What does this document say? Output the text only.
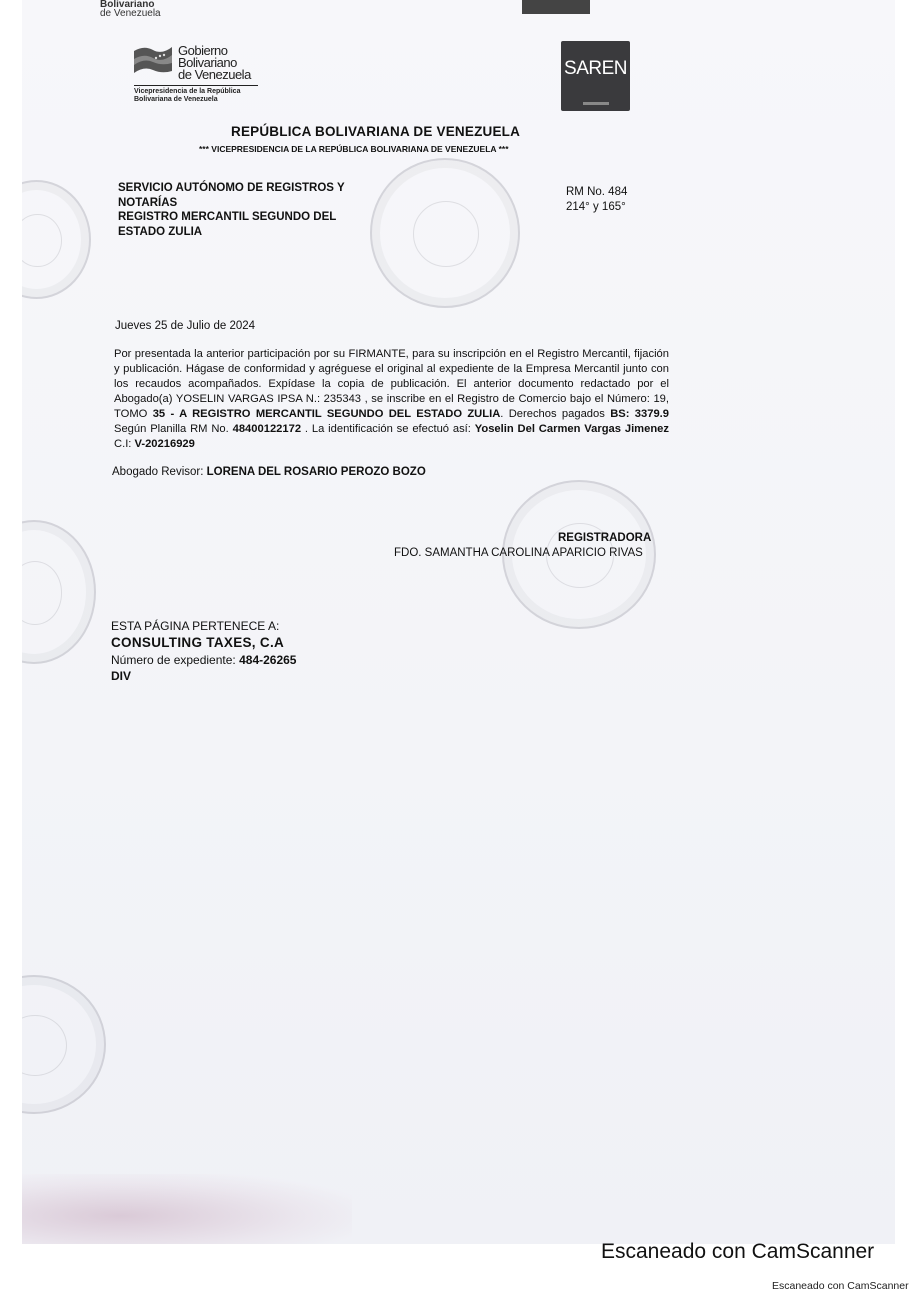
Bolivariano
de Venezuela
Gobierno
Bolivariano
de Venezuela
Vicepresidencia de la República
Bolivariana de Venezuela
SAREN
REPÚBLICA BOLIVARIANA DE VENEZUELA
*** VICEPRESIDENCIA DE LA REPÚBLICA BOLIVARIANA DE VENEZUELA ***
SERVICIO AUTÓNOMO DE REGISTROS Y
NOTARÍAS
REGISTRO MERCANTIL SEGUNDO DEL
ESTADO ZULIA
RM No. 484
214° y 165°
Jueves 25 de Julio de 2024
Por presentada la anterior participación por su FIRMANTE, para su inscripción en el Registro Mercantil, fijación y publicación. Hágase de conformidad y agréguese el original al expediente de la Empresa Mercantil junto con los recaudos acompañados. Expídase la copia de publicación. El anterior documento redactado por el Abogado(a) YOSELIN VARGAS IPSA N.: 235343 , se inscribe en el Registro de Comercio bajo el Número: 19, TOMO 35 - A REGISTRO MERCANTIL SEGUNDO DEL ESTADO ZULIA. Derechos pagados BS: 3379.9 Según Planilla RM No. 48400122172 . La identificación se efectuó así: Yoselin Del Carmen Vargas Jimenez C.I: V-20216929
Abogado Revisor: LORENA DEL ROSARIO PEROZO BOZO
REGISTRADORA
FDO. SAMANTHA CAROLINA APARICIO RIVAS
ESTA PÁGINA PERTENECE A:
CONSULTING TAXES, C.A
Número de expediente: 484-26265
DIV
Escaneado con CamScanner
Escaneado con CamScanner
